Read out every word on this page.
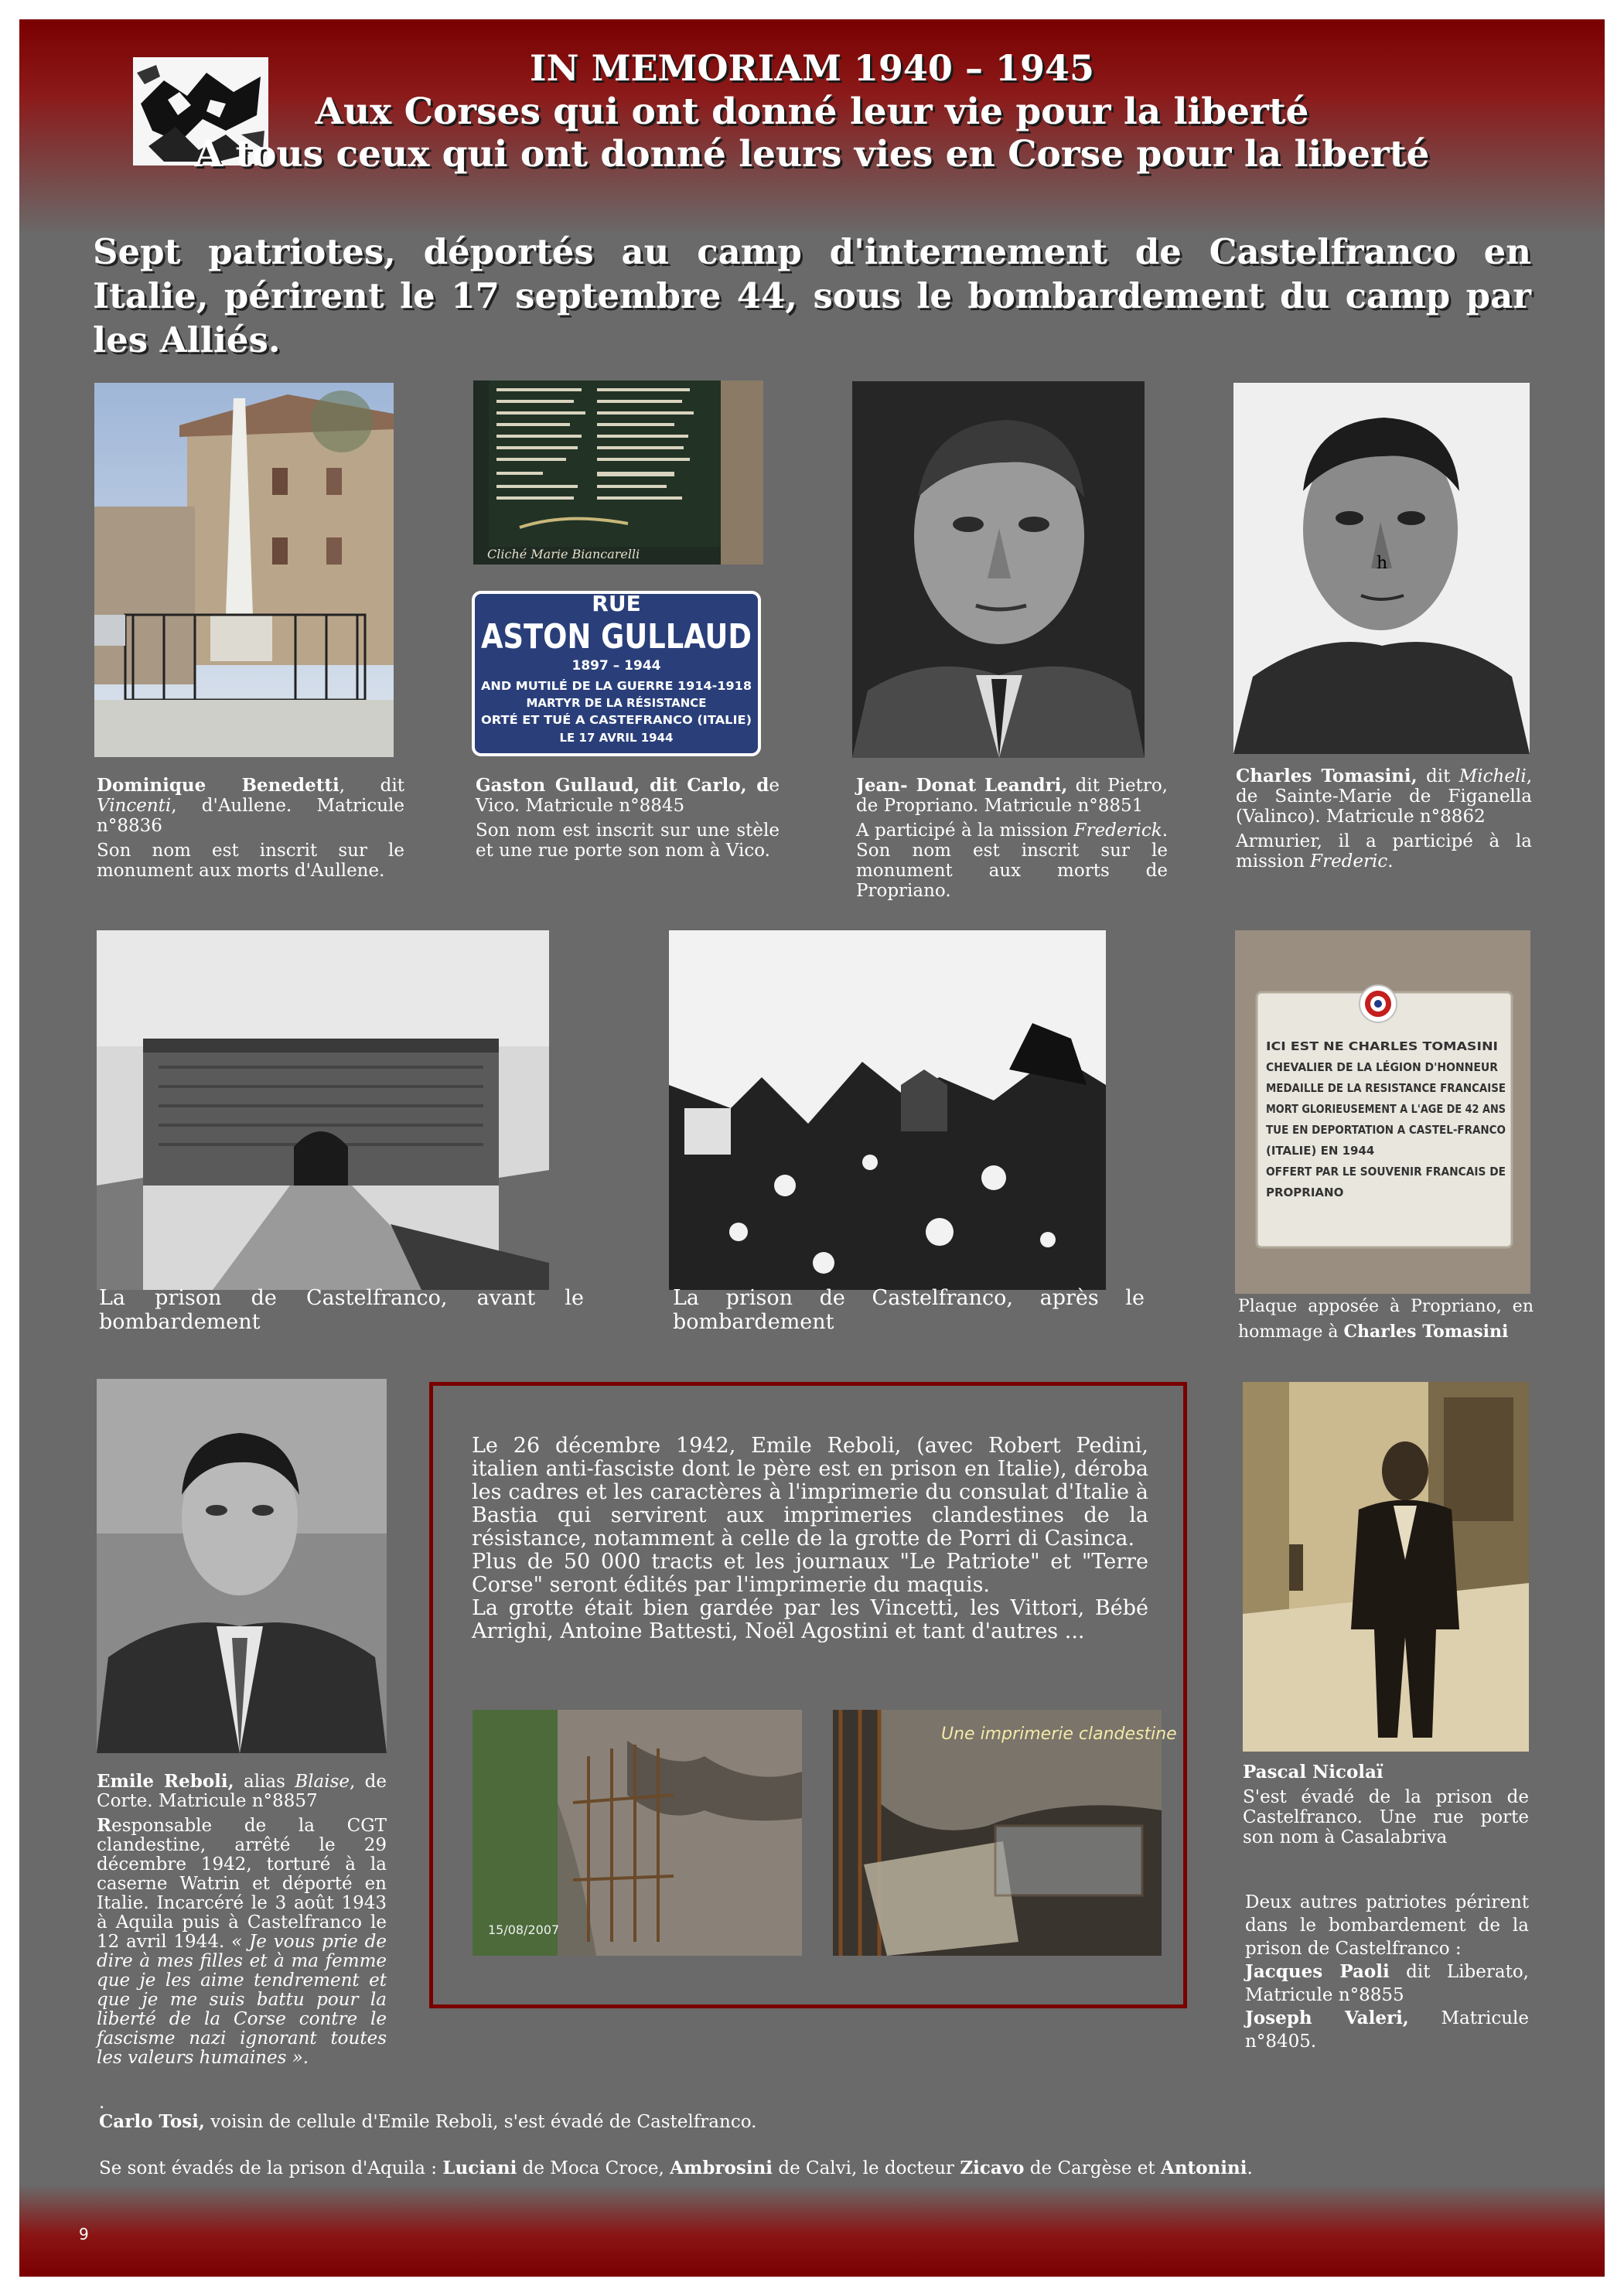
IN MEMORIAM 1940 – 1945
Aux Corses qui ont donné leur vie pour la liberté
A tous ceux qui ont donné leurs vies en Corse pour la liberté

Sept patriotes, déportés au camp d'internement de Castelfranco en Italie, périrent le 17 septembre 44, sous le bombardement du camp par les Alliés.

Cliché Marie Biancarelli
RUE
ASTON GULLAUD
1897 – 1944
AND MUTILÉ DE LA GUERRE 1914-1918
MARTYR DE LA RÉSISTANCE
ORTÉ ET TUÉ A CASTEFRANCO (ITALIE)
LE 17 AVRIL 1944
h

Dominique Benedetti, dit Vincenti, d'Aullene. Matricule n°8836

Son nom est inscrit sur le monument aux morts d'Aullene.

Gaston Gullaud, dit Carlo, de Vico. Matricule n°8845

Son nom est inscrit sur une stèle et une rue porte son nom à Vico.

Jean- Donat Leandri, dit Pietro, de Propriano. Matricule n°8851

A participé à la mission Frederick. Son nom est inscrit sur le monument aux morts de Propriano.

Charles Tomasini, dit Micheli, de Sainte-Marie de Figanella (Valinco). Matricule n°8862

Armurier, il a participé à la mission Frederic.

ICI EST NE CHARLES TOMASINI
CHEVALIER DE LA LÉGION D'HONNEUR
MEDAILLE DE LA RESISTANCE FRANCAISE
MORT GLORIEUSEMENT A L'AGE DE 42 ANS
TUE EN DEPORTATION A CASTEL-FRANCO
(ITALIE) EN 1944
OFFERT PAR LE SOUVENIR FRANCAIS DE
PROPRIANO

La prison de Castelfranco, avant le bombardement

La prison de Castelfranco, après le bombardement

Plaque apposée à Propriano, en hommage à Charles Tomasini

Le 26 décembre 1942, Emile Reboli, (avec Robert Pedini, italien anti-fasciste dont le père est en prison en Italie), déroba les cadres et les caractères à l'imprimerie du consulat d'Italie à Bastia qui servirent aux imprimeries clandestines de la résistance, notamment à celle de la grotte de Porri di Casinca.

Plus de 50 000 tracts et les journaux "Le Patriote" et "Terre Corse" seront édités par l'imprimerie du maquis.

La grotte était bien gardée par les Vincetti, les Vittori, Bébé Arrighi, Antoine Battesti, Noël Agostini et tant d'autres ...

15/08/2007
Une imprimerie clandestine

Emile Reboli, alias Blaise, de Corte. Matricule n°8857

Responsable de la CGT clandestine, arrêté le 29 décembre 1942, torturé à la caserne Watrin et déporté en Italie. Incarcéré le 3 août 1943 à Aquila puis à Castelfranco le 12 avril 1944. « Je vous prie de dire à mes filles et à ma femme que je les aime tendrement et que je me suis battu pour la liberté de la Corse contre le fascisme nazi ignorant toutes les valeurs humaines ».

Pascal Nicolaï

S'est évadé de la prison de Castelfranco. Une rue porte son nom à Casalabriva

Deux autres patriotes périrent dans le bombardement de la prison de Castelfranco :
Jacques Paoli dit Liberato, Matricule n°8855
Joseph Valeri, Matricule n°8405.

.

Carlo Tosi, voisin de cellule d'Emile Reboli, s'est évadé de Castelfranco.

Se sont évadés de la prison d'Aquila : Luciani de Moca Croce, Ambrosini de Calvi, le docteur Zicavo de Cargèse et Antonini.

9
